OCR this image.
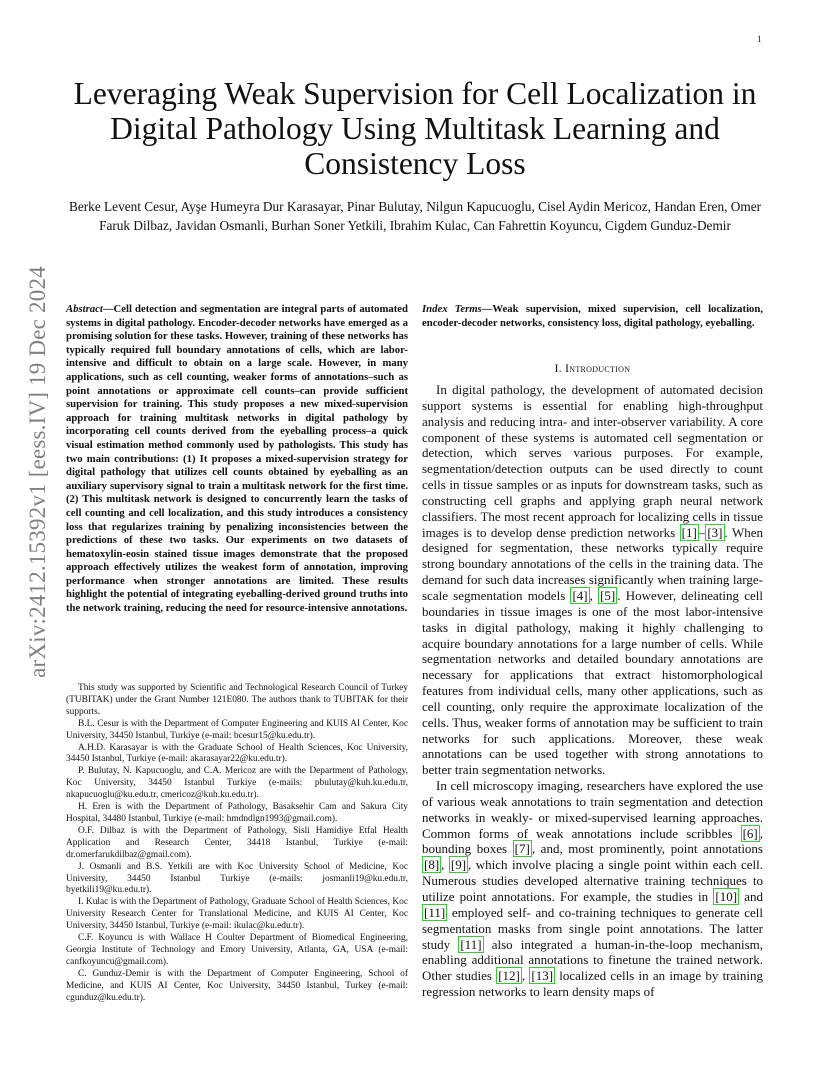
1
arXiv:2412.15392v1 [eess.IV] 19 Dec 2024
Leveraging Weak Supervision for Cell Localization in Digital Pathology Using Multitask Learning and Consistency Loss
Berke Levent Cesur, Ayşe Humeyra Dur Karasayar, Pinar Bulutay, Nilgun Kapucuoglu, Cisel Aydin Mericoz, Handan Eren, Omer Faruk Dilbaz, Javidan Osmanli, Burhan Soner Yetkili, Ibrahim Kulac, Can Fahrettin Koyuncu, Cigdem Gunduz-Demir

Abstract—Cell detection and segmentation are integral parts of automated systems in digital pathology. Encoder-decoder networks have emerged as a promising solution for these tasks. However, training of these networks has typically required full boundary annotations of cells, which are labor-intensive and difficult to obtain on a large scale. However, in many applications, such as cell counting, weaker forms of annotations–such as point annotations or approximate cell counts–can provide sufficient supervision for training. This study proposes a new mixed-supervision approach for training multitask networks in digital pathology by incorporating cell counts derived from the eyeballing process–a quick visual estimation method commonly used by pathologists. This study has two main contributions: (1) It proposes a mixed-supervision strategy for digital pathology that utilizes cell counts obtained by eyeballing as an auxiliary supervisory signal to train a multitask network for the first time. (2) This multitask network is designed to concurrently learn the tasks of cell counting and cell localization, and this study introduces a consistency loss that regularizes training by penalizing inconsistencies between the predictions of these two tasks. Our experiments on two datasets of hematoxylin-eosin stained tissue images demonstrate that the proposed approach effectively utilizes the weakest form of annotation, improving performance when stronger annotations are limited. These results highlight the potential of integrating eyeballing-derived ground truths into the network training, reducing the need for resource-intensive annotations.

This study was supported by Scientific and Technological Research Council of Turkey (TUBITAK) under the Grant Number 121E080. The authors thank to TUBITAK for their supports.

B.L. Cesur is with the Department of Computer Engineering and KUIS AI Center, Koc University, 34450 Istanbul, Turkiye (e-mail: bcesur15@ku.edu.tr).

A.H.D. Karasayar is with the Graduate School of Health Sciences, Koc University, 34450 Istanbul, Turkiye (e-mail: akarasayar22@ku.edu.tr).

P. Bulutay, N. Kapucuoglu, and C.A. Mericoz are with the Department of Pathology, Koc University, 34450 Istanbul Turkiye (e-mails: pbulutay@kuh.ku.edu.tr, nkapucuoglu@ku.edu.tr, cmericoz@kuh.ku.edu.tr).

H. Eren is with the Department of Pathology, Basaksehir Cam and Sakura City Hospital, 34480 Istanbul, Turkiye (e-mail: hmdndlgn1993@gmail.com).

O.F. Dilbaz is with the Department of Pathology, Sisli Hamidiye Etfal Health Application and Research Center, 34418 Istanbul, Turkiye (e-mail: dr.omerfarukdilbaz@gmail.com).

J. Osmanli and B.S. Yetkili are with Koc University School of Medicine, Koc University, 34450 Istanbul Turkiye (e-mails: josmanli19@ku.edu.tr, byetkili19@ku.edu.tr).

I. Kulac is with the Department of Pathology, Graduate School of Health Sciences, Koc University Research Center for Translational Medicine, and KUIS AI Center, Koc University, 34450 Istanbul, Turkiye (e-mail: ikulac@ku.edu.tr).

C.F. Koyuncu is with Wallace H Coulter Department of Biomedical Engineering, Georgia Institute of Technology and Emory University, Atlanta, GA, USA (e-mail: canfkoyuncu@gmail.com).

C. Gunduz-Demir is with the Department of Computer Engineering, School of Medicine, and KUIS AI Center, Koc University, 34450 Istanbul, Turkey (e-mail: cgunduz@ku.edu.tr).

Index Terms—Weak supervision, mixed supervision, cell localization, encoder-decoder networks, consistency loss, digital pathology, eyeballing.

I. Introduction

In digital pathology, the development of automated decision support systems is essential for enabling high-throughput analysis and reducing intra- and inter-observer variability. A core component of these systems is automated cell segmentation or detection, which serves various purposes. For example, segmentation/detection outputs can be used directly to count cells in tissue samples or as inputs for downstream tasks, such as constructing cell graphs and applying graph neural network classifiers. The most recent approach for localizing cells in tissue images is to develop dense prediction networks [1] – [3] . When designed for segmentation, these networks typically require strong boundary annotations of the cells in the training data. The demand for such data increases significantly when training large-scale segmentation models [4] , [5] . However, delineating cell boundaries in tissue images is one of the most labor-intensive tasks in digital pathology, making it highly challenging to acquire boundary annotations for a large number of cells. While segmentation networks and detailed boundary annotations are necessary for applications that extract histomorphological features from individual cells, many other applications, such as cell counting, only require the approximate localization of the cells. Thus, weaker forms of annotation may be sufficient to train networks for such applications. Moreover, these weak annotations can be used together with strong annotations to better train segmentation networks.

In cell microscopy imaging, researchers have explored the use of various weak annotations to train segmentation and detection networks in weakly- or mixed-supervised learning approaches. Common forms of weak annotations include scribbles [6] , bounding boxes [7] , and, most prominently, point annotations [8] , [9] , which involve placing a single point within each cell. Numerous studies developed alternative training techniques to utilize point annotations. For example, the studies in [10] and [11] employed self- and co-training techniques to generate cell segmentation masks from single point annotations. The latter study [11] also integrated a human-in-the-loop mechanism, enabling additional annotations to finetune the trained network. Other studies [12] , [13] localized cells in an image by training regression networks to learn density maps of
